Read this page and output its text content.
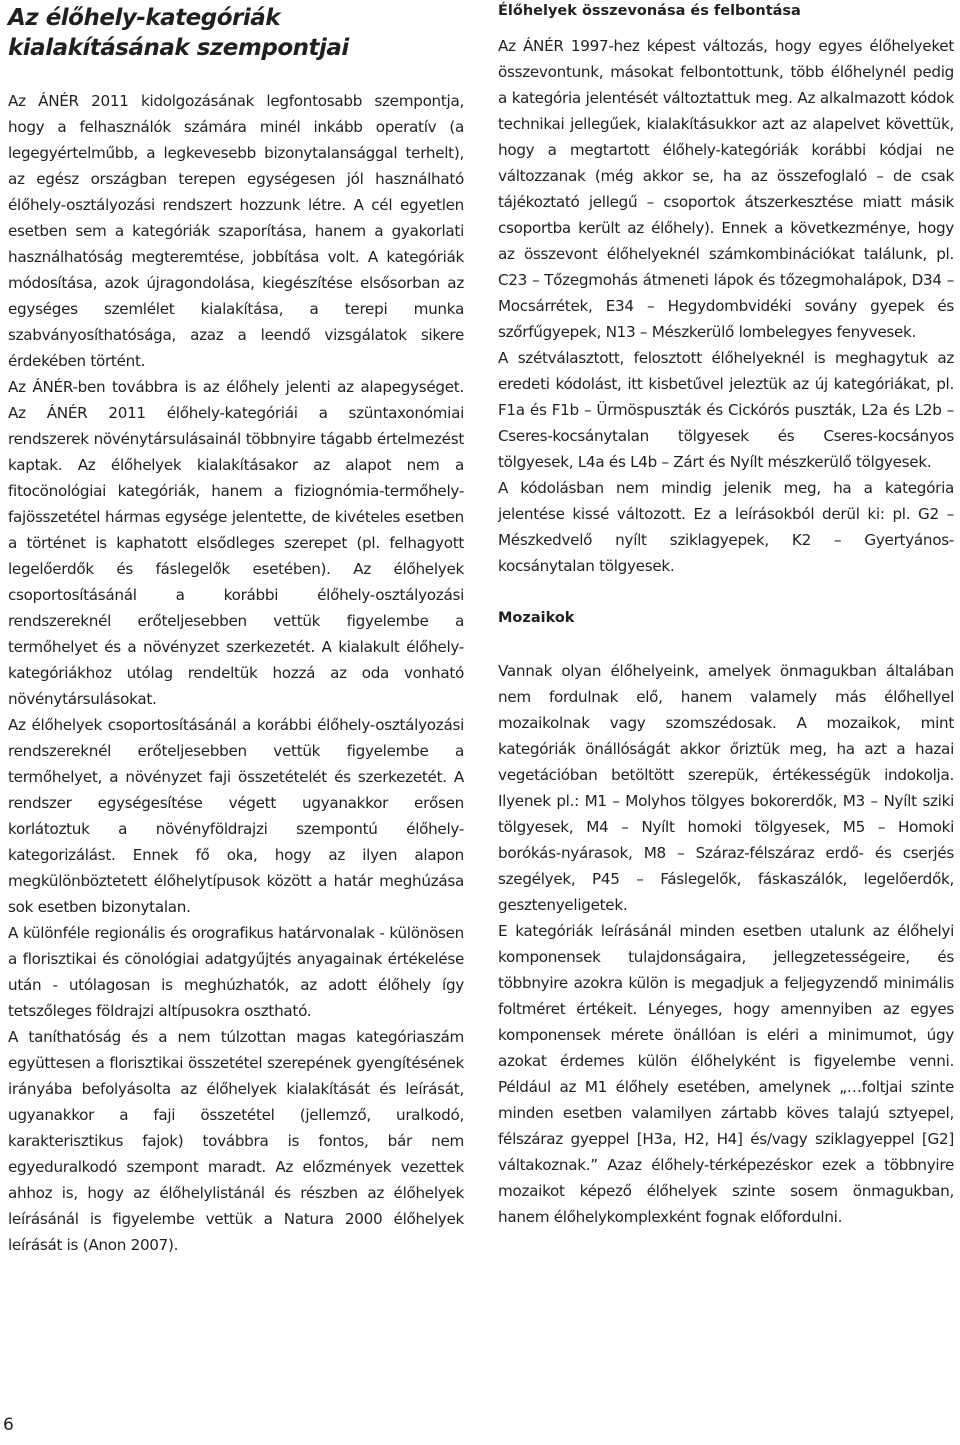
Az élőhely-kategóriák
kialakításának szempontjai

Az ÁNÉR 2011 kidolgozásának legfontosabb szempontja, hogy a felhasználók számára minél inkább operatív (a legegyértelműbb, a legkevesebb bizonytalansággal terhelt), az egész országban terepen egységesen jól használható élőhely-osztályozási rendszert hozzunk létre. A cél egyetlen esetben sem a kategóriák szaporítása, hanem a gyakorlati használhatóság megteremtése, jobbítása volt. A kategóriák módosítása, azok újragondolása, kiegészítése elsősorban az egységes szemlélet kialakítása, a terepi munka szabványosíthatósága, azaz a leendő vizsgálatok sikere érdekében történt.

Az ÁNÉR-ben továbbra is az élőhely jelenti az alapegységet. Az ÁNÉR 2011 élőhely-kategóriái a szüntaxonómiai rendszerek növénytársulásainál többnyire tágabb értelmezést kaptak. Az élőhelyek kialakításakor az alapot nem a fitocönológiai kategóriák, hanem a fiziognómia-termőhely-fajösszetétel hármas egysége jelentette, de kivételes esetben a történet is kaphatott elsődleges szerepet (pl. felhagyott legelőerdők és fáslegelők esetében). Az élőhelyek csoportosításánál a korábbi élőhely-osztályozási rendszereknél erőteljesebben vettük figyelembe a termőhelyet és a növényzet szerkezetét. A kialakult élőhely-kategóriákhoz utólag rendeltük hozzá az oda vonható növénytársulásokat.

Az élőhelyek csoportosításánál a korábbi élőhely-osztályozási rendszereknél erőteljesebben vettük figyelembe a termőhelyet, a növényzet faji összetételét és szerkezetét. A rendszer egységesítése végett ugyanakkor erősen korlátoztuk a növényföldrajzi szempontú élőhely-kategorizálást. Ennek fő oka, hogy az ilyen alapon megkülönböztetett élőhelytípusok között a határ meghúzása sok esetben bizonytalan.

A különféle regionális és orografikus határvonalak - különösen a florisztikai és cönológiai adatgyűjtés anyagainak értékelése után - utólagosan is meghúzhatók, az adott élőhely így tetszőleges földrajzi altípusokra osztható.

A taníthatóság és a nem túlzottan magas kategóriaszám együttesen a florisztikai összetétel szerepének gyengítésének irányába befolyásolta az élőhelyek kialakítását és leírását, ugyanakkor a faji összetétel (jellemző, uralkodó, karakterisztikus fajok) továbbra is fontos, bár nem egyeduralkodó szempont maradt. Az előzmények vezettek ahhoz is, hogy az élőhelylistánál és részben az élőhelyek leírásánál is figyelembe vettük a Natura 2000 élőhelyek leírását is (Anon 2007).

Élőhelyek összevonása és felbontása

Az ÁNÉR 1997-hez képest változás, hogy egyes élőhelyeket összevontunk, másokat felbontottunk, több élőhelynél pedig a kategória jelentését változtattuk meg. Az alkalmazott kódok technikai jellegűek, kialakításukkor azt az alapelvet követtük, hogy a megtartott élőhely-kategóriák korábbi kódjai ne változzanak (még akkor se, ha az összefoglaló – de csak tájékoztató jellegű – csoportok átszerkesztése miatt másik csoportba került az élőhely). Ennek a következménye, hogy az összevont élőhelyeknél számkombinációkat találunk, pl. C23 – Tőzegmohás átmeneti lápok és tőzegmohalápok, D34 – Mocsárrétek, E34 – Hegydombvidéki sovány gyepek és szőrfűgyepek, N13 – Mészkerülő lombelegyes fenyvesek.

A szétválasztott, felosztott élőhelyeknél is meghagytuk az eredeti kódolást, itt kisbetűvel jeleztük az új kategóriákat, pl. F1a és F1b – Ürmöspuszták és Cickórós puszták, L2a és L2b – Cseres-kocsánytalan tölgyesek és Cseres-kocsányos tölgyesek, L4a és L4b – Zárt és Nyílt mészkerülő tölgyesek.

A kódolásban nem mindig jelenik meg, ha a kategória jelentése kissé változott. Ez a leírásokból derül ki: pl. G2 – Mészkedvelő nyílt sziklagyepek, K2 – Gyertyános-kocsánytalan tölgyesek.

Mozaikok

Vannak olyan élőhelyeink, amelyek önmagukban általában nem fordulnak elő, hanem valamely más élőhellyel mozaikolnak vagy szomszédosak. A mozaikok, mint kategóriák önállóságát akkor őriztük meg, ha azt a hazai vegetációban betöltött szerepük, értékességük indokolja. Ilyenek pl.: M1 – Molyhos tölgyes bokorerdők, M3 – Nyílt sziki tölgyesek, M4 – Nyílt homoki tölgyesek, M5 – Homoki borókás-nyárasok, M8 – Száraz-félszáraz erdő- és cserjés szegélyek, P45 – Fáslegelők, fáskaszálók, legelőerdők, gesztenyeligetek.

E kategóriák leírásánál minden esetben utalunk az élőhelyi komponensek tulajdonságaira, jellegzetességeire, és többnyire azokra külön is megadjuk a feljegyzendő minimális foltméret értékeit. Lényeges, hogy amennyiben az egyes komponensek mérete önállóan is eléri a minimumot, úgy azokat érdemes külön élőhelyként is figyelembe venni. Például az M1 élőhely esetében, amelynek „…foltjai szinte minden esetben valamilyen zártabb köves talajú sztyepel, félszáraz gyeppel [H3a, H2, H4] és/vagy sziklagyeppel [G2] váltakoznak.” Azaz élőhely-térképezéskor ezek a többnyire mozaikot képező élőhelyek szinte sosem önmagukban, hanem élőhelykomplexként fognak előfordulni.

6
